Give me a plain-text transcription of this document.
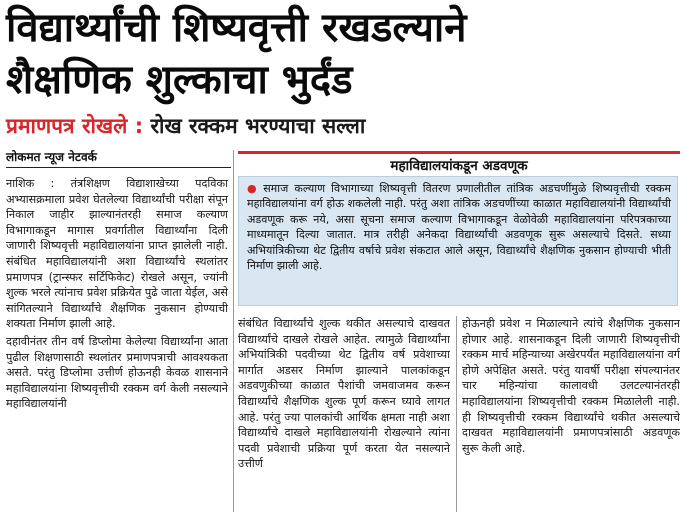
विद्यार्थ्यांची शिष्यवृत्ती रखडल्याने
शैक्षणिक शुल्काचा भुर्दंड
प्रमाणपत्र रोखले : रोख रक्कम भरण्याचा सल्ला
लोकमत न्यूज नेटवर्क
महाविद्यालयांकडून अडवणूक
● समाज कल्याण विभागाच्या शिष्यवृत्ती वितरण प्रणालीतील तांत्रिक अडचणींमुळे शिष्यवृत्तीची रक्कम महाविद्यालयांना वर्ग होऊ शकलेली नाही. परंतु अशा तांत्रिक अडचणींच्या काळात महाविद्यालयांनी विद्यार्थ्यांची अडवणूक करू नये, असा सूचना समाज कल्याण विभागाकडून वेळोवेळी महाविद्यालयांना परिपत्रकाच्या माध्यमातून दिल्या जातात. मात्र तरीही अनेकदा विद्यार्थ्यांची अडवणूक सुरू असल्याचे दिसते. सध्या अभियांत्रिकीच्या थेट द्वितीय वर्षाचे प्रवेश संकटात आले असून, विद्यार्थ्यांचे शैक्षणिक नुकसान होण्याची भीती निर्माण झाली आहे.

नाशिक : तंत्रशिक्षण विद्याशाखेच्या पदविका अभ्यासक्रमाला प्रवेश घेतलेल्या विद्यार्थ्यांची परीक्षा संपून निकाल जाहीर झाल्यानंतरही समाज कल्याण विभागाकडून मागास प्रवर्गातील विद्यार्थ्यांना दिली जाणारी शिष्यवृत्ती महाविद्यालयांना प्राप्त झालेली नाही. संबंधित महाविद्यालयांनी अशा विद्यार्थ्यांचे स्थलांतर प्रमाणपत्र (ट्रान्स्फर सर्टिफिकेट) रोखले असून, ज्यांनी शुल्क भरले त्यांनाच प्रवेश प्रक्रियेत पुढे जाता येईल, असे सांगितल्याने विद्यार्थ्यांचे शैक्षणिक नुकसान होण्याची शक्यता निर्माण झाली आहे.

दहावीनंतर तीन वर्ष डिप्लोमा केलेल्या विद्यार्थ्यांना आता पुढील शिक्षणासाठी स्थलांतर प्रमाणपत्राची आवश्यकता असते. परंतु डिप्लोमा उत्तीर्ण होऊनही केवळ शासनाने महाविद्यालयांना शिष्यवृत्तीची रक्कम वर्ग केली नसल्याने महाविद्यालयांनी

संबंधित विद्यार्थ्यांचे शुल्क थकीत असल्याचे दाखवत विद्यार्थ्यांचे दाखले रोखले आहेत. त्यामुळे विद्यार्थ्यांना अभियांत्रिकी पदवीच्या थेट द्वितीय वर्ष प्रवेशाच्या मार्गात अडसर निर्माण झाल्याने पालकांकडून अडवणुकीच्या काळात पैशांची जमवाजमव करून विद्यार्थ्यांचे शैक्षणिक शुल्क पूर्ण करून घ्यावे लागत आहे. परंतु ज्या पालकांची आर्थिक क्षमता नाही अशा विद्यार्थ्यांचे दाखले महाविद्यालयांनी रोखल्याने त्यांना पदवी प्रवेशाची प्रक्रिया पूर्ण करता येत नसल्याने उत्तीर्ण

होऊनही प्रवेश न मिळाल्याने त्यांचे शैक्षणिक नुकसान होणार आहे. शासनाकडून दिली जाणारी शिष्यवृत्तीची रक्कम मार्च महिन्याच्या अखेरपर्यंत महाविद्यालयांना वर्ग होणे अपेक्षित असते. परंतु यावर्षी परीक्षा संपल्यानंतर चार महिन्यांचा कालावधी उलटल्यानंतरही महाविद्यालयांना शिष्यवृत्तीची रक्कम मिळालेली नाही. ही शिष्यवृत्तीची रक्कम विद्यार्थ्यांचे थकीत असल्याचे दाखवत महाविद्यालयांनी प्रमाणपत्रांसाठी अडवणूक सुरू केली आहे.
